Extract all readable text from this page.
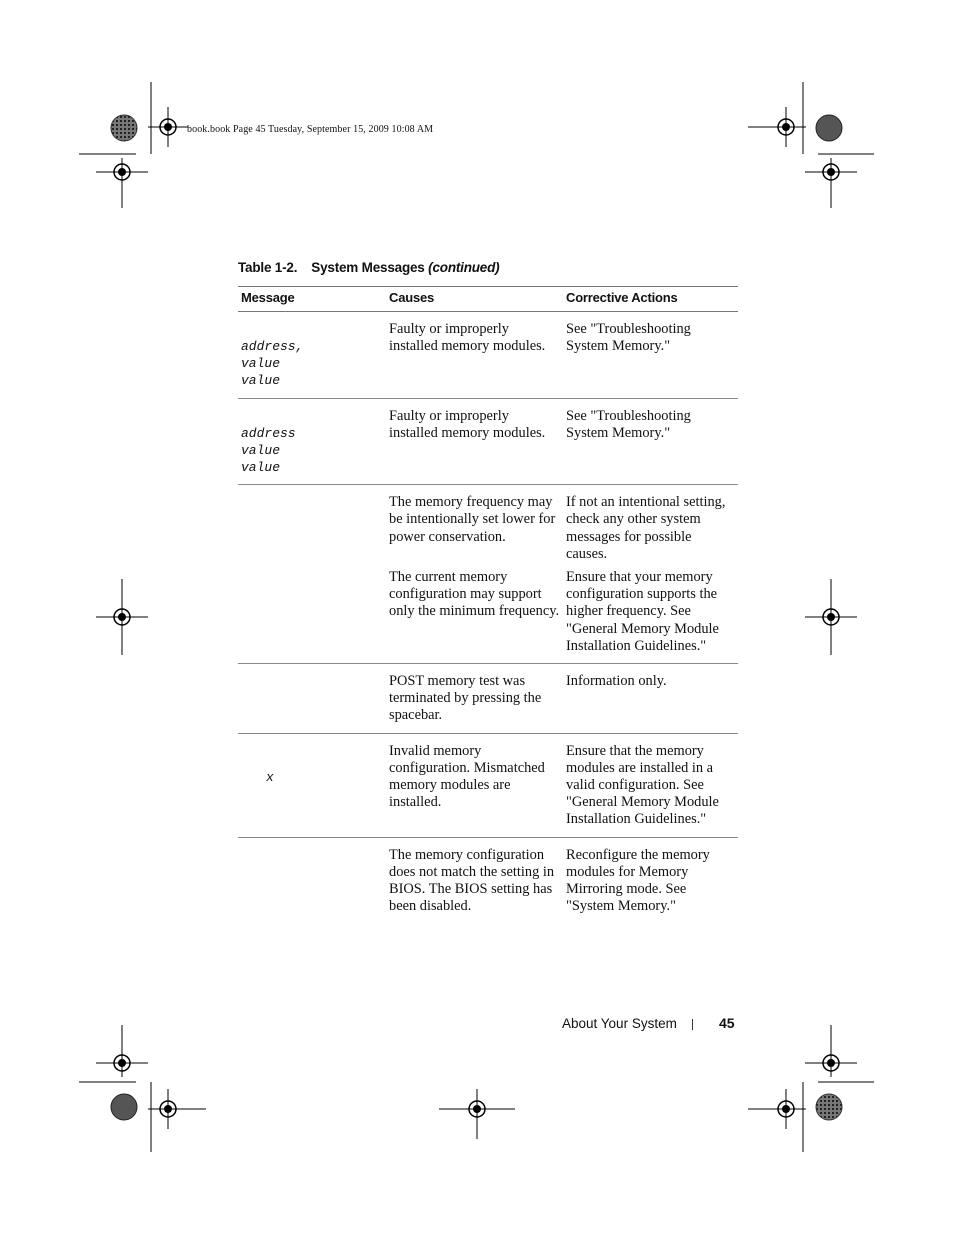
book.book Page 45 Tuesday, September 15, 2009 10:08 AM
Table 1-2. System Messages (continued)
Message	Causes	Corrective Actions

address,
value
value	Faulty or improperly installed memory modules.	See "Troubleshooting System Memory."

address
value
value	Faulty or improperly installed memory modules.	See "Troubleshooting System Memory."
	The memory frequency may be intentionally set lower for power conservation.	If not an intentional setting, check any other system messages for possible causes.
	The current memory configuration may support only the minimum frequency.	Ensure that your memory configuration supports the higher frequency. See "General Memory Module Installation Guidelines."
	POST memory test was terminated by pressing the spacebar.	Information only.

x	Invalid memory configuration. Mismatched memory modules are installed.	Ensure that the memory modules are installed in a valid configuration. See "General Memory Module Installation Guidelines."
	The memory configuration does not match the setting in BIOS. The BIOS setting has been disabled.	Reconfigure the memory modules for Memory Mirroring mode. See "System Memory."
About Your System	45
